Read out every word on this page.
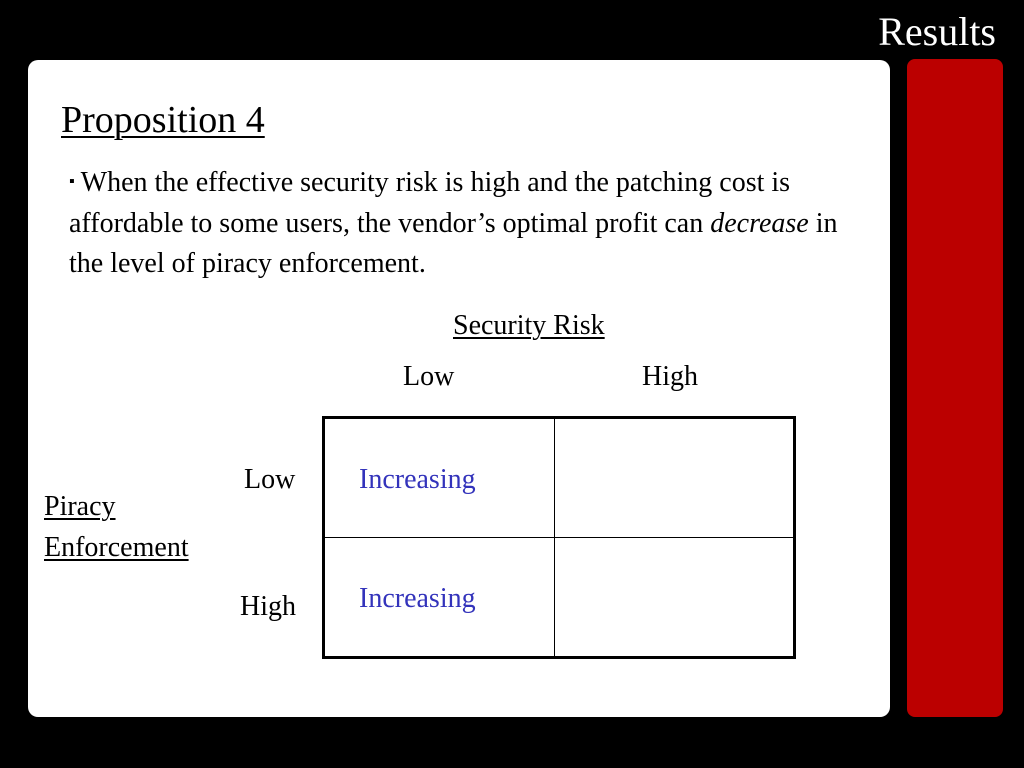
Results
Proposition 4
▪ When the effective security risk is high and the patching cost is affordable to some users, the vendor’s optimal profit can decrease in the level of piracy enforcement.
Security Risk
Low	High
Piracy
Enforcement
Low
High
Increasing
Increasing
